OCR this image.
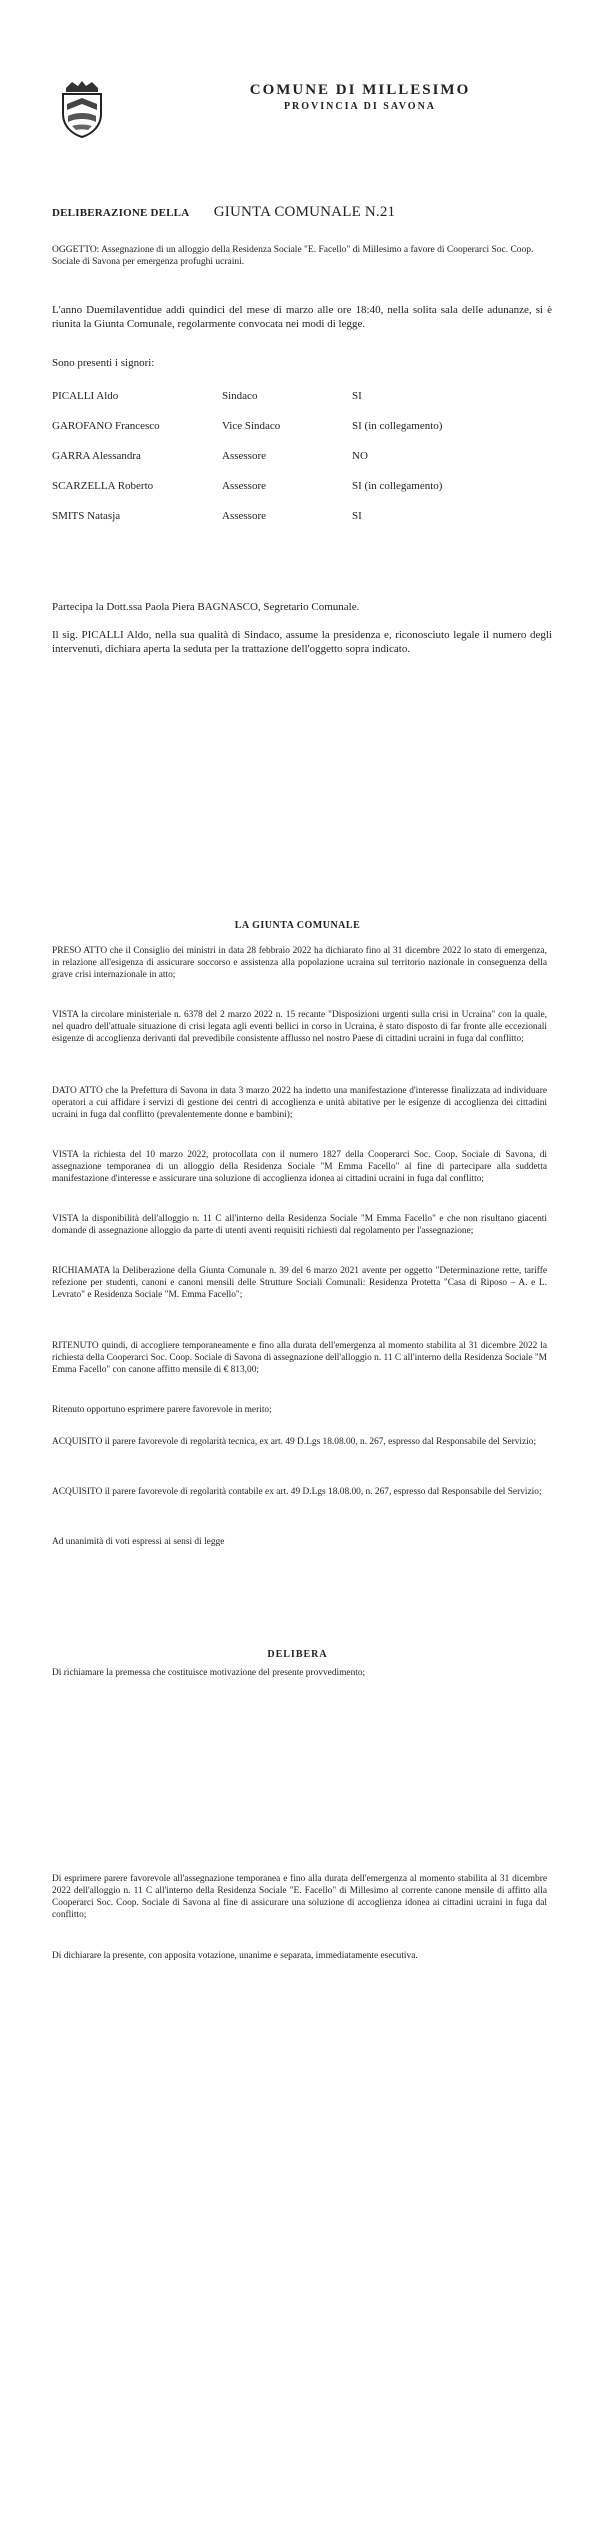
COMUNE DI MILLESIMO
PROVINCIA DI SAVONA
DELIBERAZIONE DELLA GIUNTA COMUNALE N.21
OGGETTO: Assegnazione di un alloggio della Residenza Sociale "E. Facello" di Millesimo a favore di Cooperarci Soc. Coop. Sociale di Savona per emergenza profughi ucraini.
L'anno Duemilaventidue addì quindici del mese di marzo alle ore 18:40, nella solita sala delle adunanze, si è riunita la Giunta Comunale, regolarmente convocata nei modi di legge.
Sono presenti i signori:
PICALLI Aldo	Sindaco	SI
GAROFANO Francesco	Vice Sindaco	SI (in collegamento)
GARRA Alessandra	Assessore	NO
SCARZELLA Roberto	Assessore	SI (in collegamento)
SMITS Natasja	Assessore	SI
Partecipa la Dott.ssa Paola Piera BAGNASCO, Segretario Comunale.
Il sig. PICALLI Aldo, nella sua qualità di Sindaco, assume la presidenza e, riconosciuto legale il numero degli intervenuti, dichiara aperta la seduta per la trattazione dell'oggetto sopra indicato.
LA GIUNTA COMUNALE
PRESO ATTO che il Consiglio dei ministri in data 28 febbraio 2022 ha dichiarato fino al 31 dicembre 2022 lo stato di emergenza, in relazione all'esigenza di assicurare soccorso e assistenza alla popolazione ucraina sul territorio nazionale in conseguenza della grave crisi internazionale in atto;
VISTA la circolare ministeriale n. 6378 del 2 marzo 2022 n. 15 recante "Disposizioni urgenti sulla crisi in Ucraina" con la quale, nel quadro dell'attuale situazione di crisi legata agli eventi bellici in corso in Ucraina, è stato disposto di far fronte alle eccezionali esigenze di accoglienza derivanti dal prevedibile consistente afflusso nel nostro Paese di cittadini ucraini in fuga dal conflitto;
DATO ATTO che la Prefettura di Savona in data 3 marzo 2022 ha indetto una manifestazione d'interesse finalizzata ad individuare operatori a cui affidare i servizi di gestione dei centri di accoglienza e unità abitative per le esigenze di accoglienza dei cittadini ucraini in fuga dal conflitto (prevalentemente donne e bambini);
VISTA la richiesta del 10 marzo 2022, protocollata con il numero 1827 della Cooperarci Soc. Coop. Sociale di Savona, di assegnazione temporanea di un alloggio della Residenza Sociale "M Emma Facello" al fine di partecipare alla suddetta manifestazione d'interesse e assicurare una soluzione di accoglienza idonea ai cittadini ucraini in fuga dal conflitto;
VISTA la disponibilità dell'alloggio n. 11 C all'interno della Residenza Sociale "M Emma Facello" e che non risultano giacenti domande di assegnazione alloggio da parte di utenti aventi requisiti richiesti dal regolamento per l'assegnazione;
RICHIAMATA la Deliberazione della Giunta Comunale n. 39 del 6 marzo 2021 avente per oggetto "Determinazione rette, tariffe refezione per studenti, canoni e canoni mensili delle Strutture Sociali Comunali: Residenza Protetta "Casa di Riposo – A. e L. Levrato" e Residenza Sociale "M. Emma Facello";
RITENUTO quindi, di accogliere temporaneamente e fino alla durata dell'emergenza al momento stabilita al 31 dicembre 2022 la richiesta della Cooperarci Soc. Coop. Sociale di Savona di assegnazione dell'alloggio n. 11 C all'interno della Residenza Sociale "M Emma Facello" con canone affitto mensile di € 813,00;
Ritenuto opportuno esprimere parere favorevole in merito;
ACQUISITO il parere favorevole di regolarità tecnica, ex art. 49 D.Lgs 18.08.00, n. 267, espresso dal Responsabile del Servizio;
ACQUISITO il parere favorevole di regolarità contabile ex art. 49 D.Lgs 18.08.00, n. 267, espresso dal Responsabile del Servizio;
Ad unanimità di voti espressi ai sensi di legge
DELIBERA
Di richiamare la premessa che costituisce motivazione del presente provvedimento;
Di esprimere parere favorevole all'assegnazione temporanea e fino alla durata dell'emergenza al momento stabilita al 31 dicembre 2022 dell'alloggio n. 11 C all'interno della Residenza Sociale "E. Facello" di Millesimo al corrente canone mensile di affitto alla Cooperarci Soc. Coop. Sociale di Savona al fine di assicurare una soluzione di accoglienza idonea ai cittadini ucraini in fuga dal conflitto;
Di dichiarare la presente, con apposita votazione, unanime e separata, immediatamente esecutiva.
